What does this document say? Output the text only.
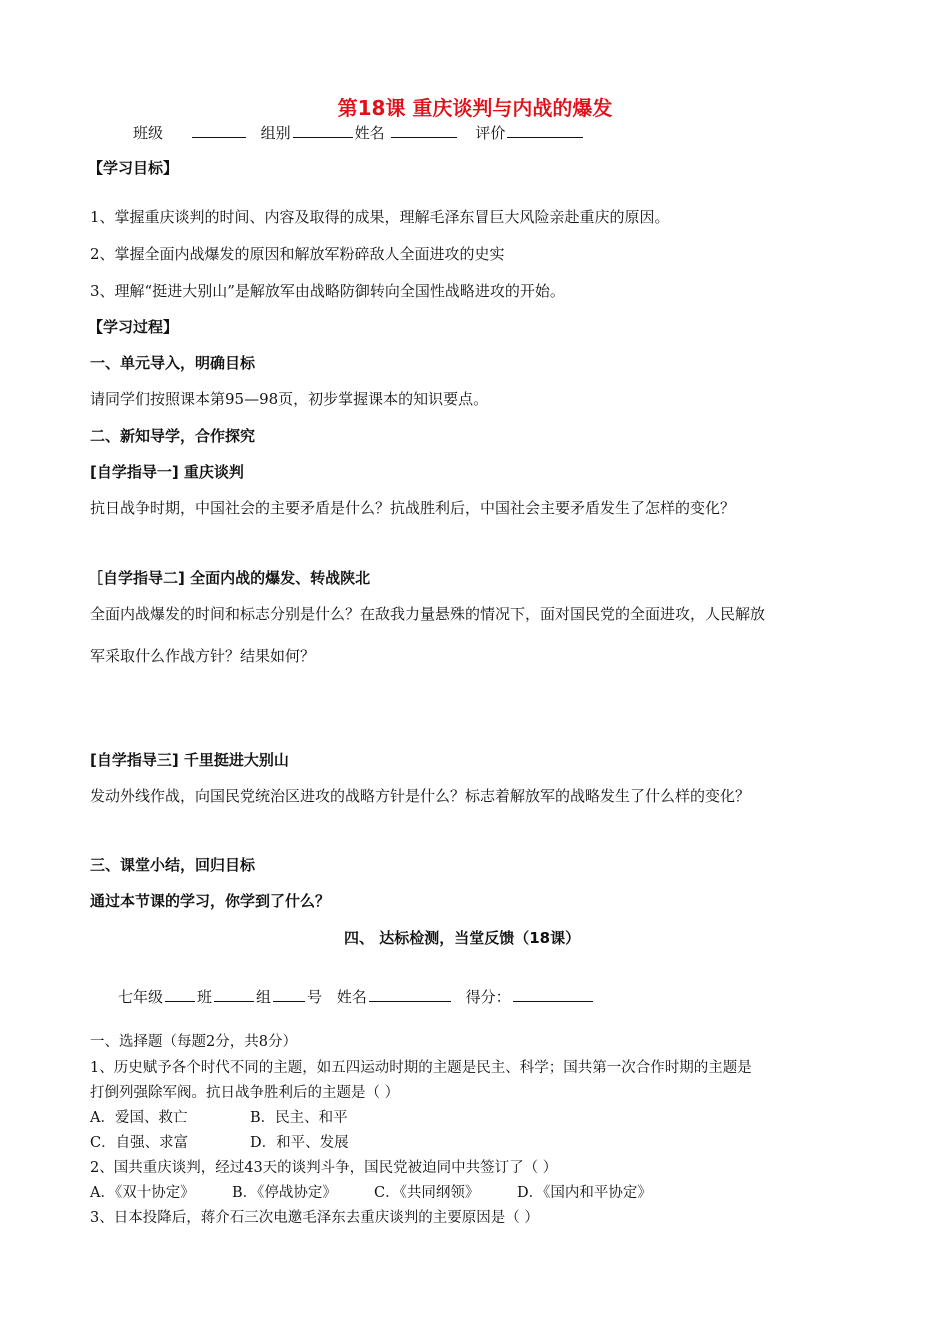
第18课 重庆谈判与内战的爆发
班级	组别	姓名	评价
【学习目标】
1、掌握重庆谈判的时间、内容及取得的成果，理解毛泽东冒巨大风险亲赴重庆的原因。
2、掌握全面内战爆发的原因和解放军粉碎敌人全面进攻的史实
3、理解“挺进大别山”是解放军由战略防御转向全国性战略进攻的开始。
【学习过程】
一、单元导入，明确目标
请同学们按照课本第95—98页，初步掌握课本的知识要点。
二、新知导学，合作探究
[自学指导一] 重庆谈判
抗日战争时期，中国社会的主要矛盾是什么？抗战胜利后，中国社会主要矛盾发生了怎样的变化？
［自学指导二] 全面内战的爆发、转战陕北
全面内战爆发的时间和标志分别是什么？在敌我力量悬殊的情况下，面对国民党的全面进攻，人民解放
军采取什么作战方针？结果如何？
[自学指导三] 千里挺进大别山
发动外线作战，向国民党统治区进攻的战略方针是什么？标志着解放军的战略发生了什么样的变化？
三、课堂小结，回归目标
通过本节课的学习，你学到了什么？
四、 达标检测，当堂反馈（18课）
七年级 班	组 号 姓名	得分：
一、选择题（每题2分，共8分）
1、历史赋予各个时代不同的主题，如五四运动时期的主题是民主、科学；国共第一次合作时期的主题是
打倒列强除军阀。抗日战争胜利后的主题是（ ）
A．爱国、救亡	B．民主、和平
C．自强、求富	D．和平、发展
2、国共重庆谈判，经过43天的谈判斗争，国民党被迫同中共签订了（ ）
A．《双十协定》	B．《停战协定》	C．《共同纲领》	D．《国内和平协定》
3、日本投降后，蒋介石三次电邀毛泽东去重庆谈判的主要原因是（ ）
